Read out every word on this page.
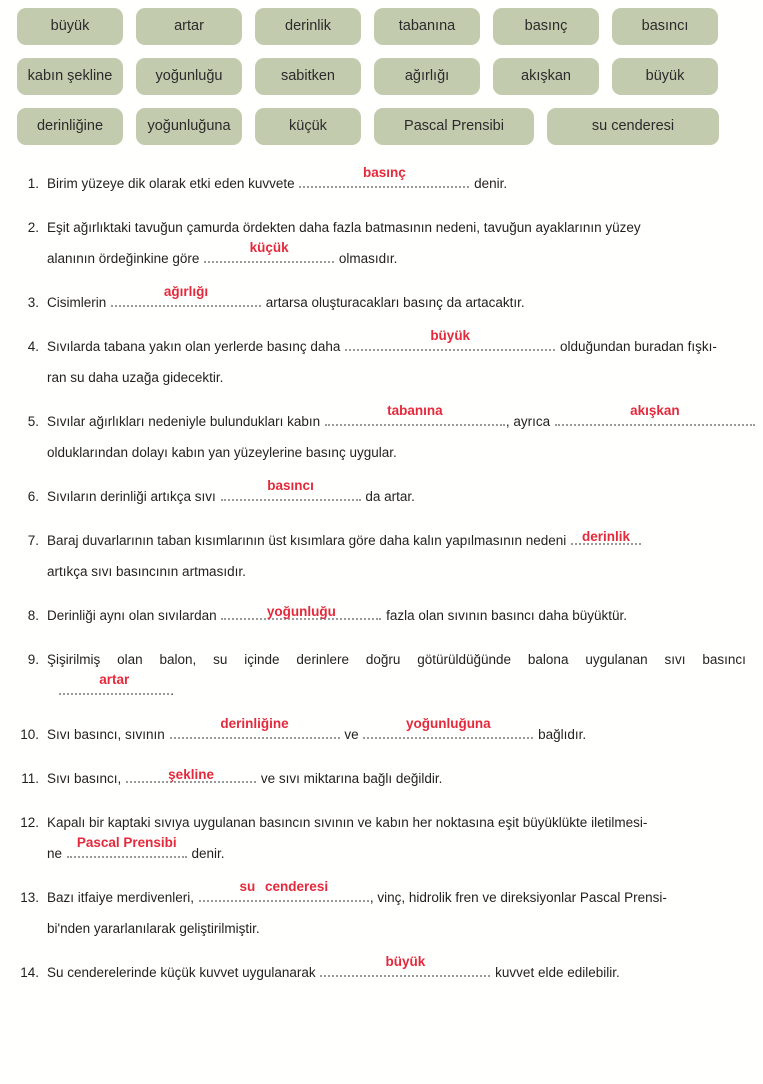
büyük	artar	derinlik	tabanına	basınç	basıncı
kabın şekline	yoğunluğu	sabitken	ağırlığı	akışkan	büyük
derinliğine	yoğunluğuna	küçük	Pascal Prensibi	su cenderesi
1. Birim yüzeye dik olarak etki eden kuvvete
basınç
denir.
2. Eşit ağırlıktaki tavuğun çamurda ördekten daha fazla batmasının nedeni, tavuğun ayaklarının yüzey
alanının ördeğinkine göre
küçük
olmasıdır.
3. Cisimlerin
ağırlığı
artarsa oluşturacakları basınç da artacaktır.
4. Sıvılarda tabana yakın olan yerlerde basınç daha
büyük
olduğundan buradan fışkı-
ran su daha uzağa gidecektir.
5. Sıvılar ağırlıkları nedeniyle bulundukları kabın
tabanına
, ayrıca
akışkan
olduklarından dolayı kabın yan yüzeylerine basınç uygular.
6. Sıvıların derinliği artıkça sıvı
basıncı
da artar.
7. Baraj duvarlarının taban kısımlarının üst kısımlara göre daha kalın yapılmasının nedeni derinlik
artıkça sıvı basıncının artmasıdır.
8. Derinliği aynı olan sıvılardan	yoğunluğu	fazla olan sıvının basıncı daha büyüktür.
9. Şişirilmiş olan balon, su içinde derinlere doğru götürüldüğünde balona uygulanan sıvı basıncı

artar
.
10. Sıvı basıncı, sıvının
derinliğine
ve
yoğunluğuna
bağlıdır.
11. Sıvı basıncı,	şekline	ve sıvı miktarına bağlı değildir.
12. Kapalı bir kaptaki sıvıya uygulanan basıncın sıvının ve kabın her noktasına eşit büyüklükte iletilmesi-
ne
Pascal Prensibi
denir.
13. Bazı itfaiye merdivenleri,
su cenderesi
, vinç, hidrolik fren ve direksiyonlar Pascal Prensi-
bi'nden yararlanılarak geliştirilmiştir.
14. Su cenderelerinde küçük kuvvet uygulanarak
büyük
kuvvet elde edilebilir.
